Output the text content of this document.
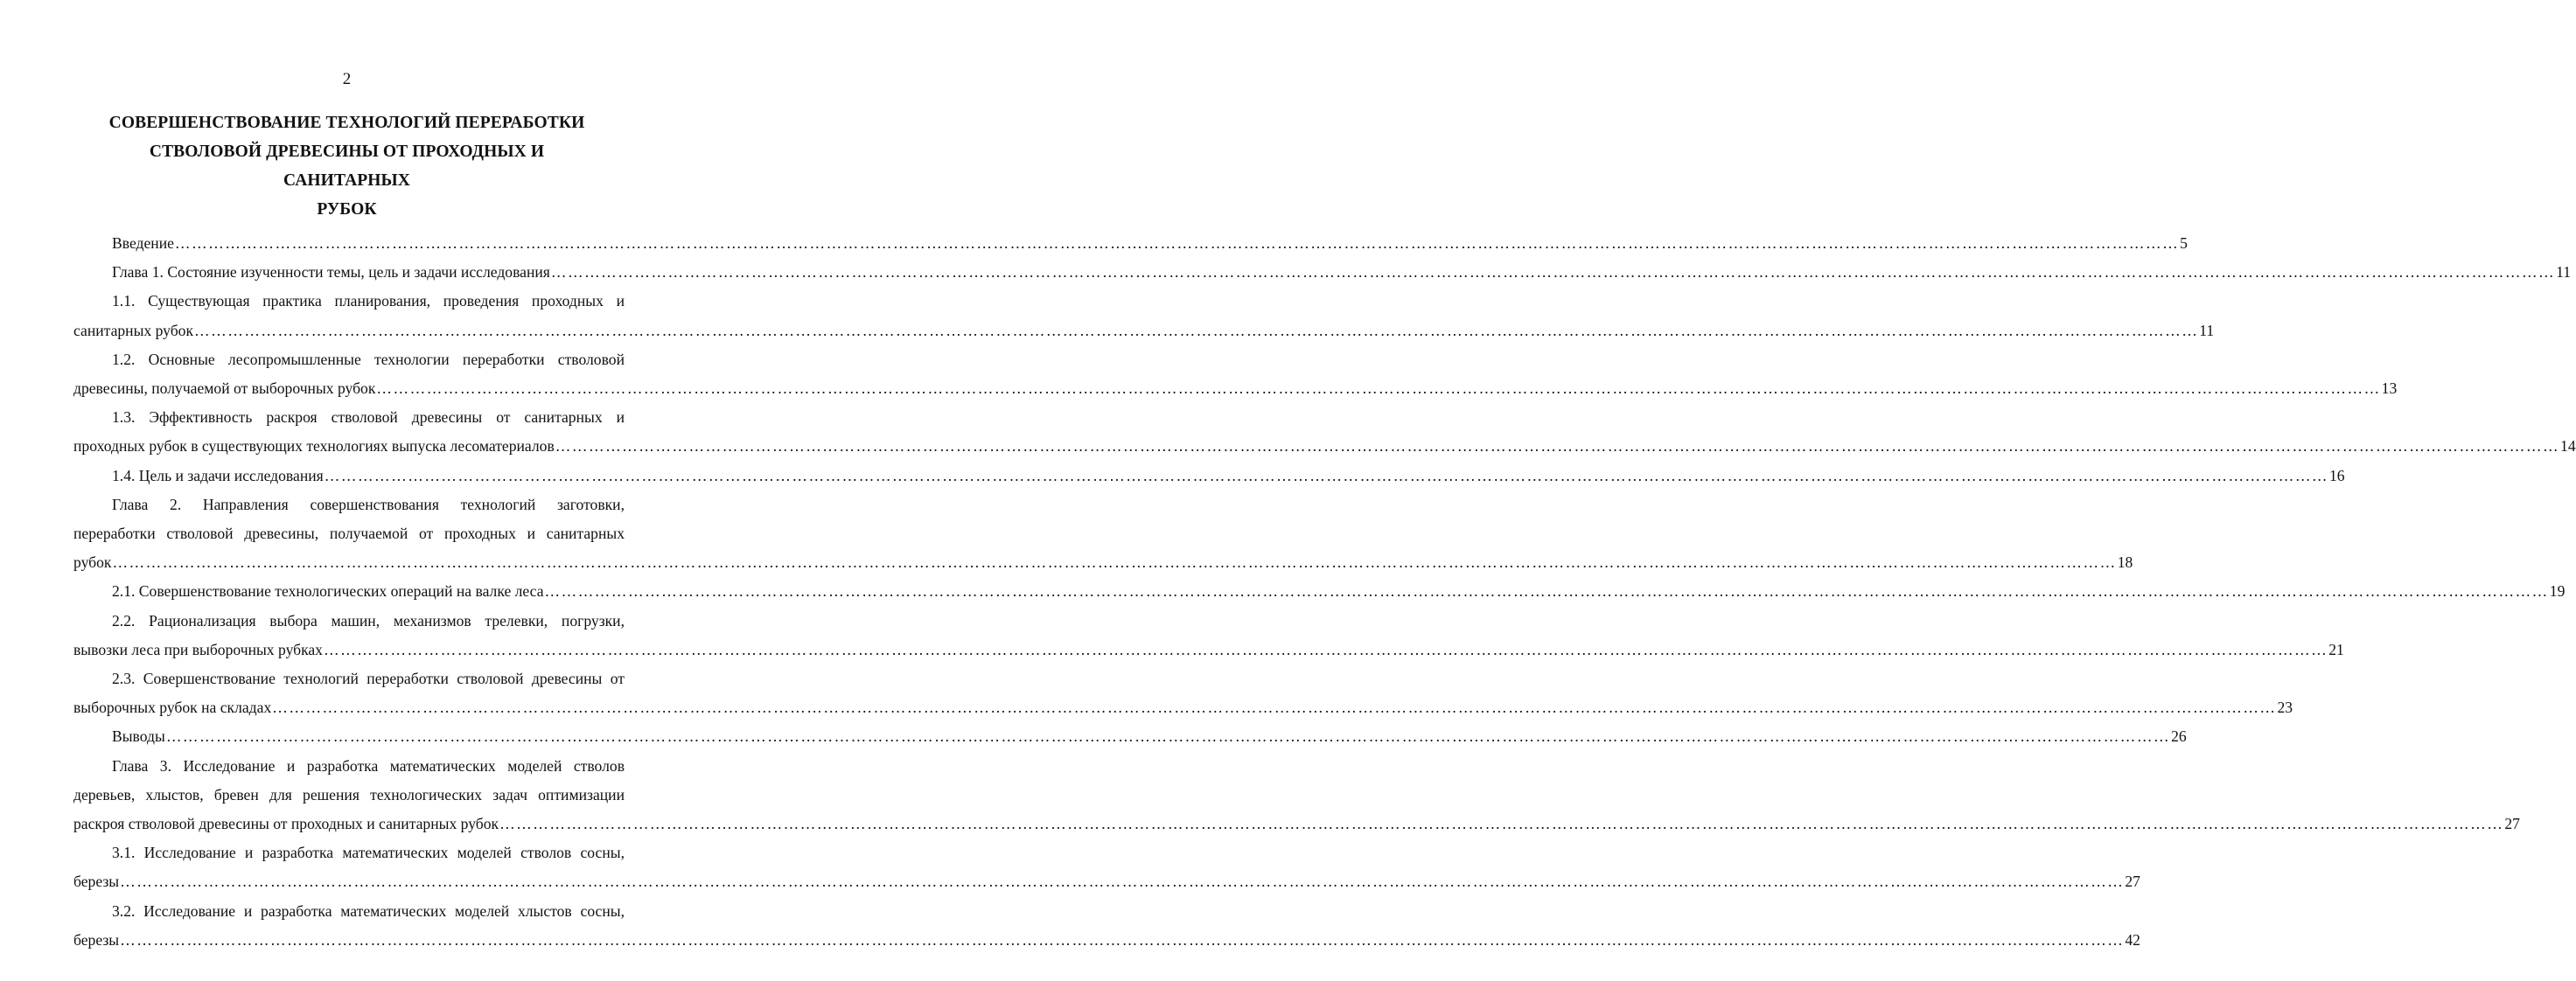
2
СОВЕРШЕНСТВОВАНИЕ ТЕХНОЛОГИЙ ПЕРЕРАБОТКИ
СТВОЛОВОЙ ДРЕВЕСИНЫ ОТ ПРОХОДНЫХ И САНИТАРНЫХ
РУБОК
Введение ……………………………………………………………………………………………………………………………………………………………………………………………………………………………………………………………………………………………………………………………… 5
Глава 1. Состояние изученности темы, цель и задачи исследования ……………………………………………………………………………………………………………………………………………………………………………………………………………………………………………………………………………………………………………………………… 11
1.1. Существующая практика планирования, проведения проходных и
санитарных рубок ……………………………………………………………………………………………………………………………………………………………………………………………………………………………………………………………………………………………………………………………… 11
1.2. Основные лесопромышленные технологии переработки стволовой
древесины, получаемой от выборочных рубок ……………………………………………………………………………………………………………………………………………………………………………………………………………………………………………………………………………………………………………………………… 13
1.3. Эффективность раскроя стволовой древесины от санитарных и
проходных рубок в существующих технологиях выпуска лесоматериалов ……………………………………………………………………………………………………………………………………………………………………………………………………………………………………………………………………………………………………………………………… 14
1.4. Цель и задачи исследования ……………………………………………………………………………………………………………………………………………………………………………………………………………………………………………………………………………………………………………………………… 16
Глава 2. Направления совершенствования технологий заготовки,
переработки стволовой древесины, получаемой от проходных и санитарных
рубок ……………………………………………………………………………………………………………………………………………………………………………………………………………………………………………………………………………………………………………………………… 18
2.1. Совершенствование технологических операций на валке леса ……………………………………………………………………………………………………………………………………………………………………………………………………………………………………………………………………………………………………………………………… 19
2.2. Рационализация выбора машин, механизмов трелевки, погрузки,
вывозки леса при выборочных рубках ……………………………………………………………………………………………………………………………………………………………………………………………………………………………………………………………………………………………………………………………… 21
2.3. Совершенствование технологий переработки стволовой древесины от
выборочных рубок на складах ……………………………………………………………………………………………………………………………………………………………………………………………………………………………………………………………………………………………………………………………… 23
Выводы ……………………………………………………………………………………………………………………………………………………………………………………………………………………………………………………………………………………………………………………………… 26
Глава 3. Исследование и разработка математических моделей стволов
деревьев, хлыстов, бревен для решения технологических задач оптимизации
раскроя стволовой древесины от проходных и санитарных рубок ……………………………………………………………………………………………………………………………………………………………………………………………………………………………………………………………………………………………………………………………… 27
3.1. Исследование и разработка математических моделей стволов сосны,
березы ……………………………………………………………………………………………………………………………………………………………………………………………………………………………………………………………………………………………………………………………… 27
3.2. Исследование и разработка математических моделей хлыстов сосны,
березы ……………………………………………………………………………………………………………………………………………………………………………………………………………………………………………………………………………………………………………………………… 42
